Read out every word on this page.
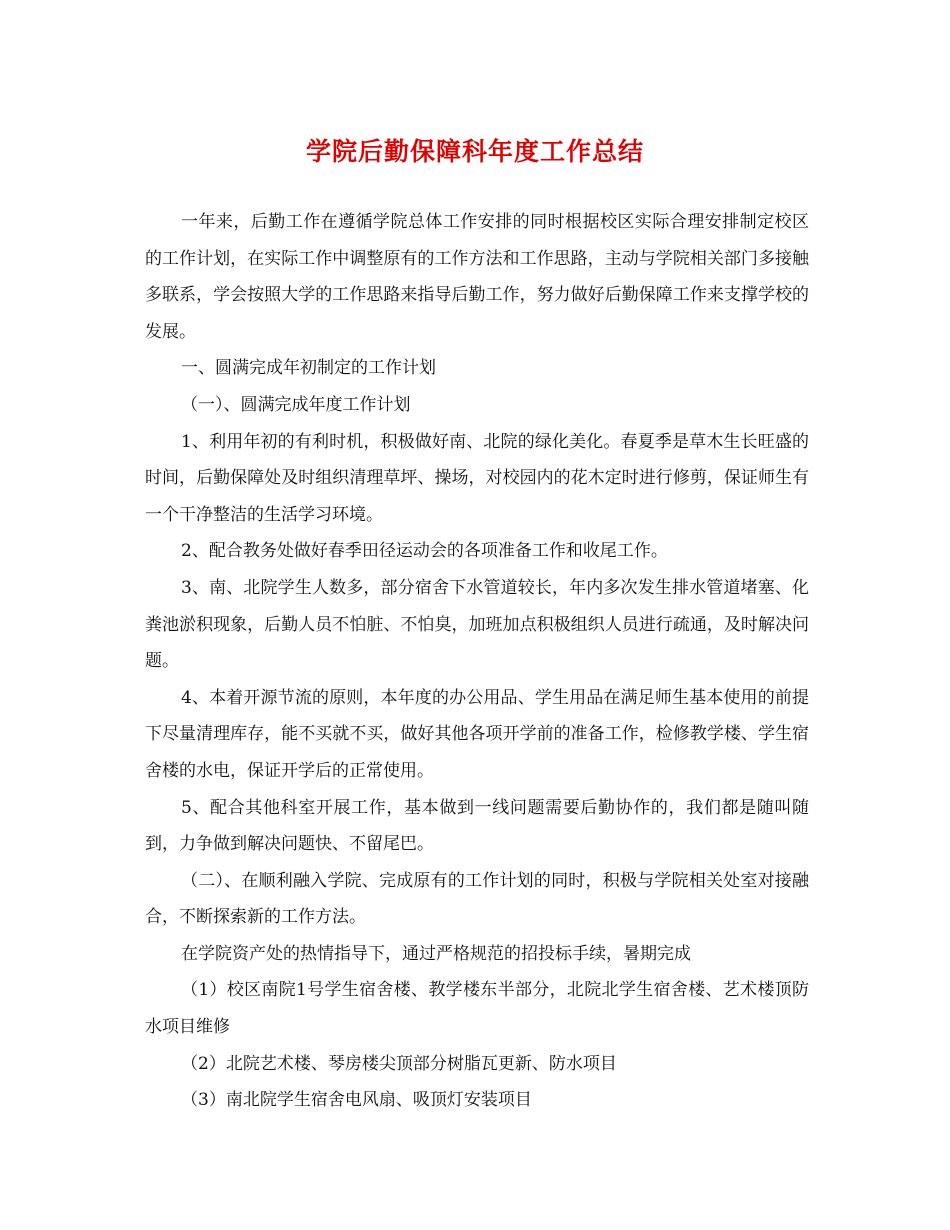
学院后勤保障科年度工作总结

一年来，后勤工作在遵循学院总体工作安排的同时根据校区实际合理安排制定校区的工作计划，在实际工作中调整原有的工作方法和工作思路，主动与学院相关部门多接触多联系，学会按照大学的工作思路来指导后勤工作，努力做好后勤保障工作来支撑学校的发展。

一、圆满完成年初制定的工作计划

（一）、圆满完成年度工作计划

1、利用年初的有利时机，积极做好南、北院的绿化美化。春夏季是草木生长旺盛的时间，后勤保障处及时组织清理草坪、操场，对校园内的花木定时进行修剪，保证师生有一个干净整洁的生活学习环境。

2、配合教务处做好春季田径运动会的各项准备工作和收尾工作。

3、南、北院学生人数多，部分宿舍下水管道较长，年内多次发生排水管道堵塞、化粪池淤积现象，后勤人员不怕脏、不怕臭，加班加点积极组织人员进行疏通，及时解决问题。

4、本着开源节流的原则，本年度的办公用品、学生用品在满足师生基本使用的前提下尽量清理库存，能不买就不买，做好其他各项开学前的准备工作，检修教学楼、学生宿舍楼的水电，保证开学后的正常使用。

5、配合其他科室开展工作，基本做到一线问题需要后勤协作的，我们都是随叫随到，力争做到解决问题快、不留尾巴。

（二）、在顺利融入学院、完成原有的工作计划的同时，积极与学院相关处室对接融合，不断探索新的工作方法。

在学院资产处的热情指导下，通过严格规范的招投标手续，暑期完成

（1）校区南院1号学生宿舍楼、教学楼东半部分，北院北学生宿舍楼、艺术楼顶防水项目维修

（2）北院艺术楼、琴房楼尖顶部分树脂瓦更新、防水项目

（3）南北院学生宿舍电风扇、吸顶灯安装项目
